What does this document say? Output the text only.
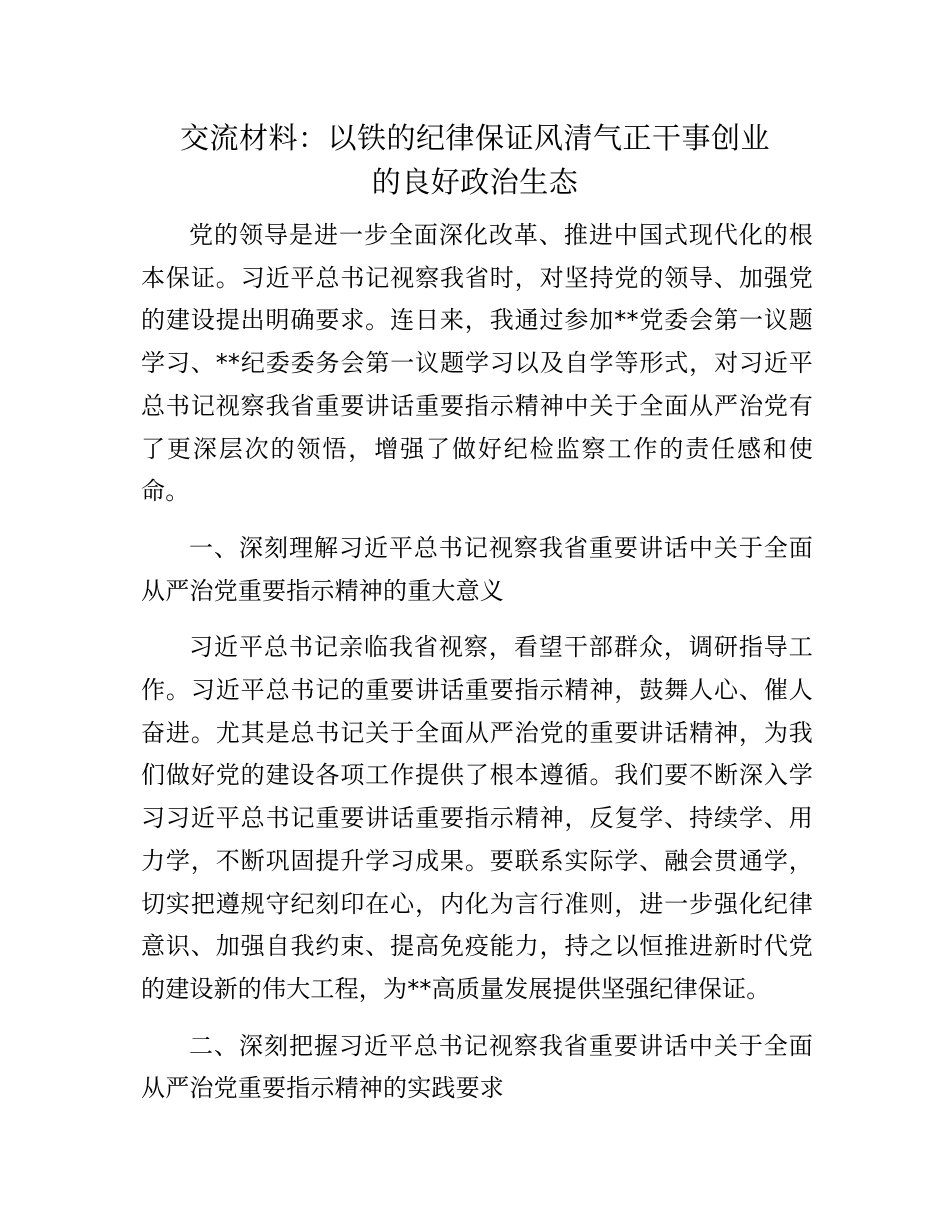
交流材料：以铁的纪律保证风清气正干事创业
的良好政治生态

党的领导是进一步全面深化改革、推进中国式现代化的根本保证。习近平总书记视察我省时，对坚持党的领导、加强党的建设提出明确要求。连日来，我通过参加**党委会第一议题学习、**纪委委务会第一议题学习以及自学等形式，对习近平总书记视察我省重要讲话重要指示精神中关于全面从严治党有了更深层次的领悟，增强了做好纪检监察工作的责任感和使命。

一、深刻理解习近平总书记视察我省重要讲话中关于全面从严治党重要指示精神的重大意义

习近平总书记亲临我省视察，看望干部群众，调研指导工作。习近平总书记的重要讲话重要指示精神，鼓舞人心、催人奋进。尤其是总书记关于全面从严治党的重要讲话精神，为我们做好党的建设各项工作提供了根本遵循。我们要不断深入学习习近平总书记重要讲话重要指示精神，反复学、持续学、用力学，不断巩固提升学习成果。要联系实际学、融会贯通学，切实把遵规守纪刻印在心，内化为言行准则，进一步强化纪律意识、加强自我约束、提高免疫能力，持之以恒推进新时代党的建设新的伟大工程，为**高质量发展提供坚强纪律保证。

二、深刻把握习近平总书记视察我省重要讲话中关于全面从严治党重要指示精神的实践要求
